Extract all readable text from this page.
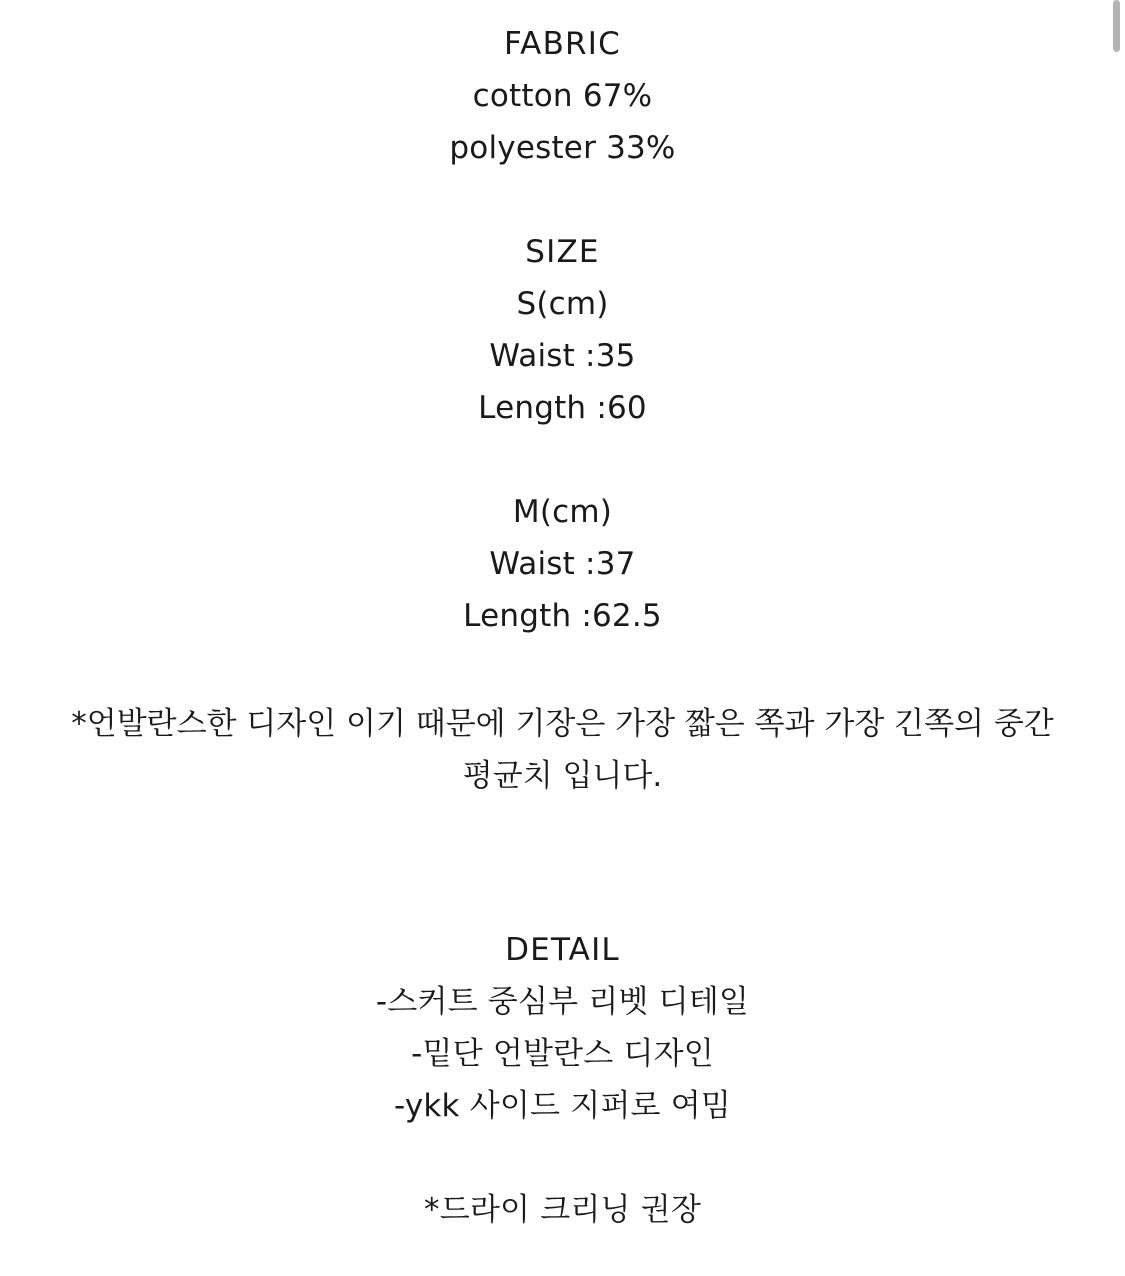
FABRIC
cotton 67%
polyester 33%
SIZE
S(cm)
Waist :35
Length :60
M(cm)
Waist :37
Length :62.5
*언발란스한 디자인 이기 때문에 기장은 가장 짧은 쪽과 가장 긴쪽의 중간 평균치 입니다.
DETAIL
-스커트 중심부 리벳 디테일
-밑단 언발란스 디자인
-ykk 사이드 지퍼로 여밈
*드라이 크리닝 권장
